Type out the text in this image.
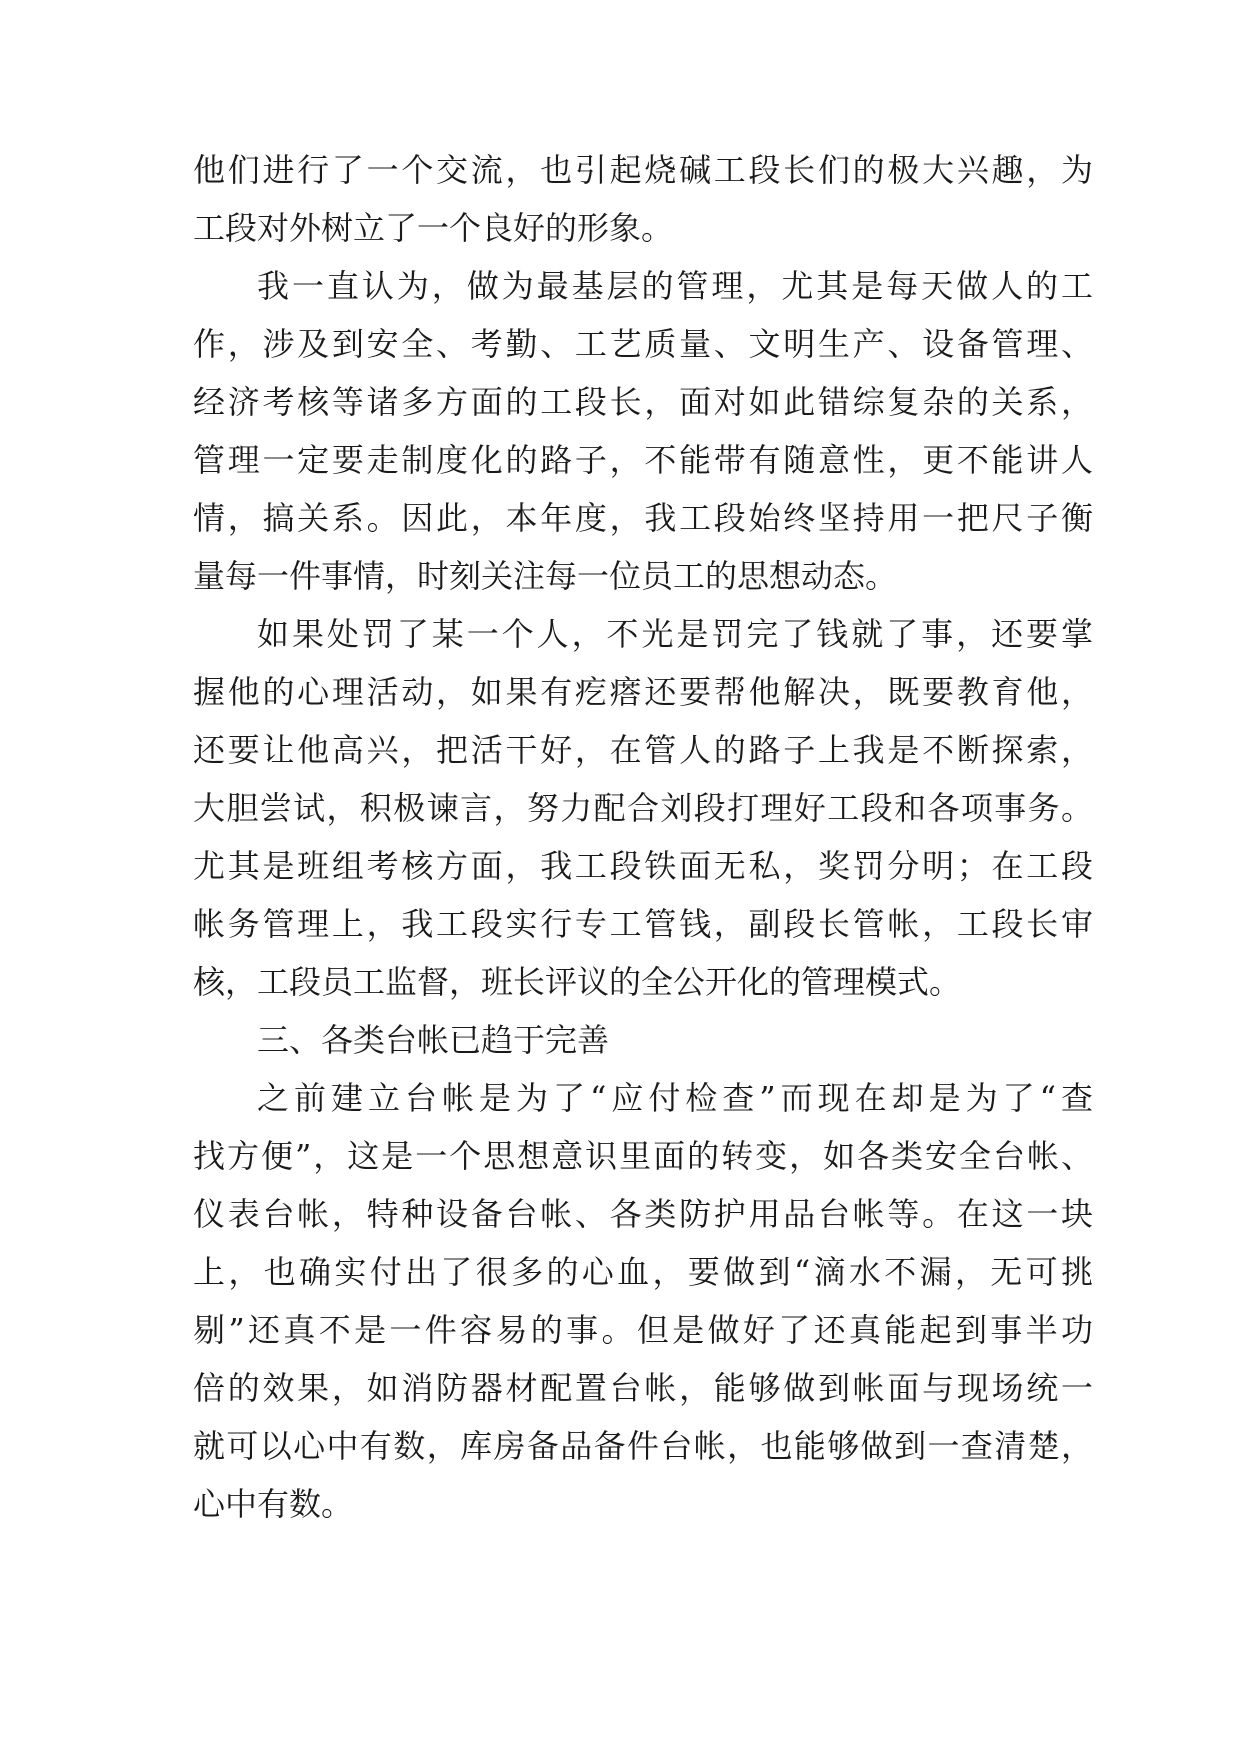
他们进行了一个交流，也引起烧碱工段长们的极大兴趣，为
工段对外树立了一个良好的形象。
我一直认为，做为最基层的管理，尤其是每天做人的工
作，涉及到安全、考勤、工艺质量、文明生产、设备管理、
经济考核等诸多方面的工段长，面对如此错综复杂的关系，
管理一定要走制度化的路子，不能带有随意性，更不能讲人
情，搞关系。因此，本年度，我工段始终坚持用一把尺子衡
量每一件事情，时刻关注每一位员工的思想动态。
如果处罚了某一个人，不光是罚完了钱就了事，还要掌
握他的心理活动，如果有疙瘩还要帮他解决，既要教育他，
还要让他高兴，把活干好，在管人的路子上我是不断探索，
大胆尝试，积极谏言，努力配合刘段打理好工段和各项事务。
尤其是班组考核方面，我工段铁面无私，奖罚分明；在工段
帐务管理上，我工段实行专工管钱，副段长管帐，工段长审
核，工段员工监督，班长评议的全公开化的管理模式。
三、各类台帐已趋于完善
之前建立台帐是为了“应付检查”而现在却是为了“查
找方便”，这是一个思想意识里面的转变，如各类安全台帐、
仪表台帐，特种设备台帐、各类防护用品台帐等。在这一块
上，也确实付出了很多的心血，要做到“滴水不漏，无可挑
剔”还真不是一件容易的事。但是做好了还真能起到事半功
倍的效果，如消防器材配置台帐，能够做到帐面与现场统一
就可以心中有数，库房备品备件台帐，也能够做到一查清楚，
心中有数。
